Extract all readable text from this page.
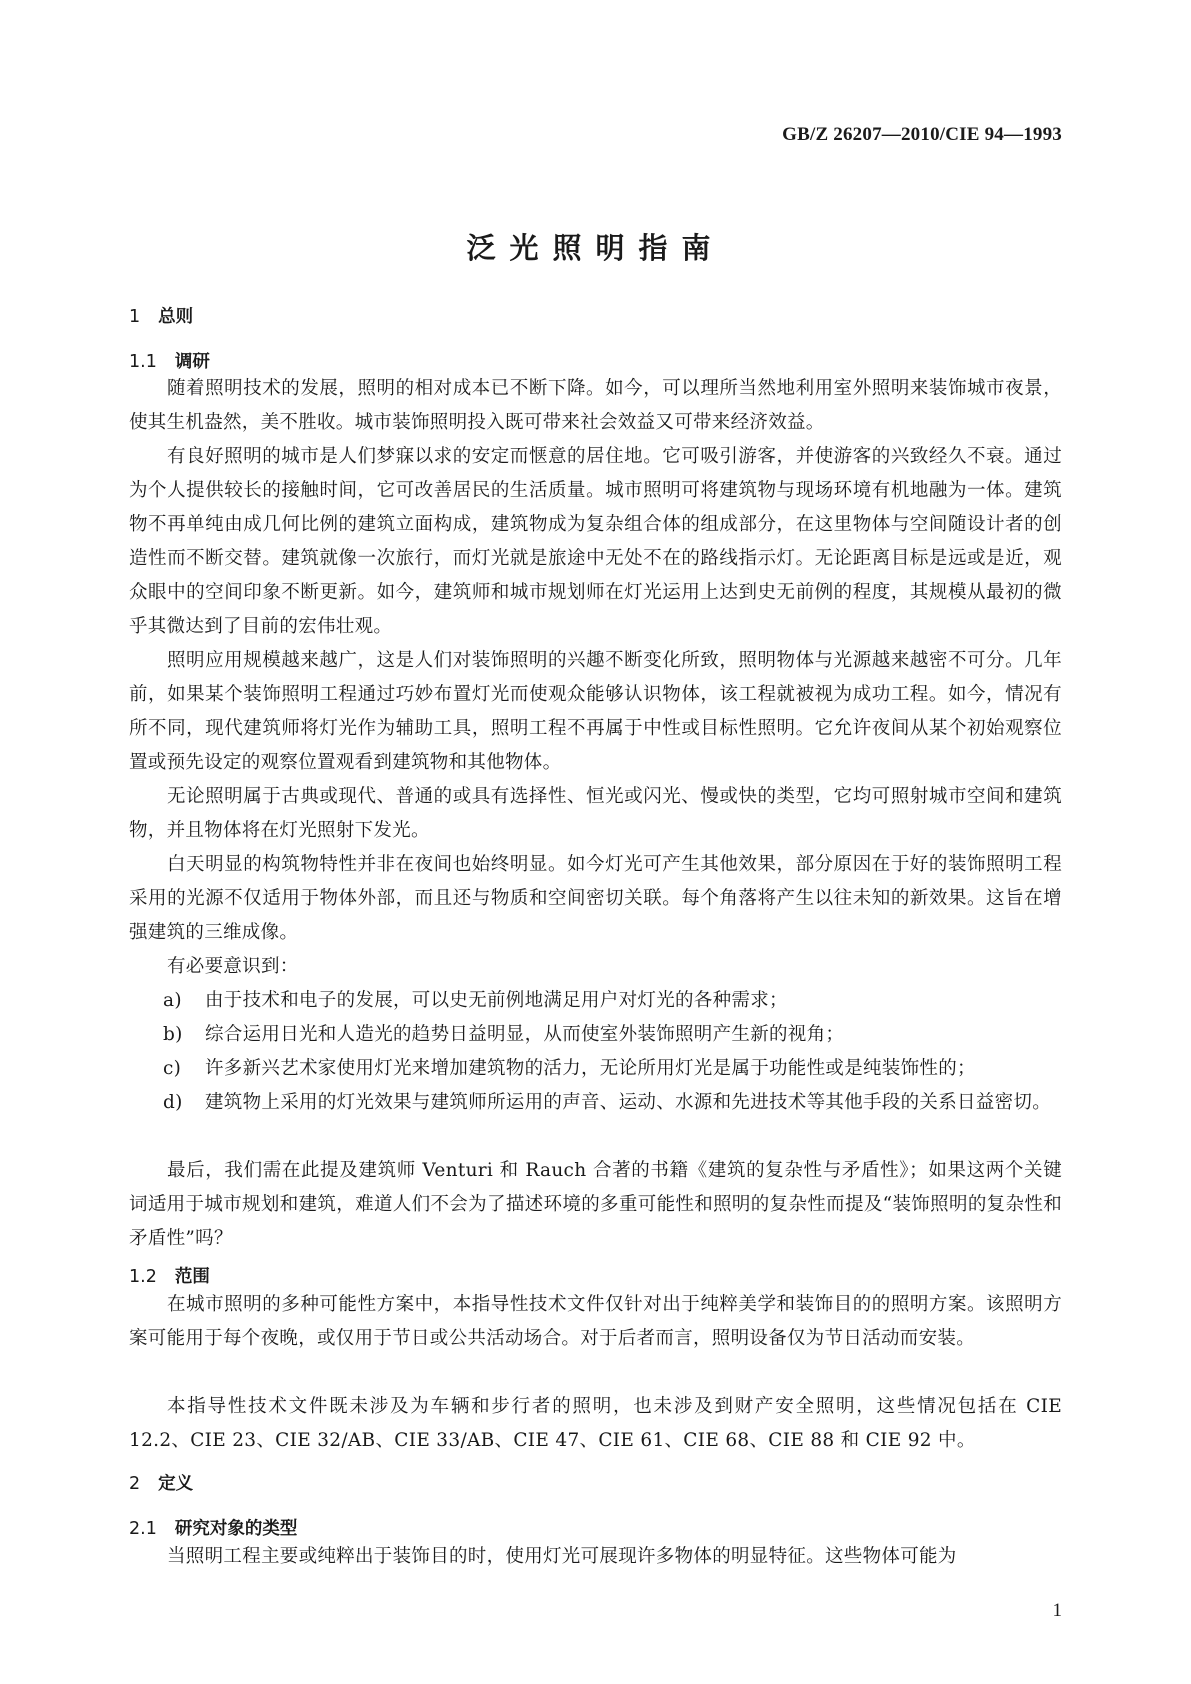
GB/Z 26207—2010/CIE 94—1993
泛光照明指南
1 总则
1.1 调研
随着照明技术的发展，照明的相对成本已不断下降。如今，可以理所当然地利用室外照明来装饰城市夜景，使其生机盎然，美不胜收。城市装饰照明投入既可带来社会效益又可带来经济效益。
有良好照明的城市是人们梦寐以求的安定而惬意的居住地。它可吸引游客，并使游客的兴致经久不衰。通过为个人提供较长的接触时间，它可改善居民的生活质量。城市照明可将建筑物与现场环境有机地融为一体。建筑物不再单纯由成几何比例的建筑立面构成，建筑物成为复杂组合体的组成部分，在这里物体与空间随设计者的创造性而不断交替。建筑就像一次旅行，而灯光就是旅途中无处不在的路线指示灯。无论距离目标是远或是近，观众眼中的空间印象不断更新。如今，建筑师和城市规划师在灯光运用上达到史无前例的程度，其规模从最初的微乎其微达到了目前的宏伟壮观。
照明应用规模越来越广，这是人们对装饰照明的兴趣不断变化所致，照明物体与光源越来越密不可分。几年前，如果某个装饰照明工程通过巧妙布置灯光而使观众能够认识物体，该工程就被视为成功工程。如今，情况有所不同，现代建筑师将灯光作为辅助工具，照明工程不再属于中性或目标性照明。它允许夜间从某个初始观察位置或预先设定的观察位置观看到建筑物和其他物体。
无论照明属于古典或现代、普通的或具有选择性、恒光或闪光、慢或快的类型，它均可照射城市空间和建筑物，并且物体将在灯光照射下发光。
白天明显的构筑物特性并非在夜间也始终明显。如今灯光可产生其他效果，部分原因在于好的装饰照明工程采用的光源不仅适用于物体外部，而且还与物质和空间密切关联。每个角落将产生以往未知的新效果。这旨在增强建筑的三维成像。
有必要意识到：
a) 由于技术和电子的发展，可以史无前例地满足用户对灯光的各种需求；
b) 综合运用日光和人造光的趋势日益明显，从而使室外装饰照明产生新的视角；
c) 许多新兴艺术家使用灯光来增加建筑物的活力，无论所用灯光是属于功能性或是纯装饰性的；
d) 建筑物上采用的灯光效果与建筑师所运用的声音、运动、水源和先进技术等其他手段的关系日益密切。
最后，我们需在此提及建筑师 Venturi 和 Rauch 合著的书籍《建筑的复杂性与矛盾性》；如果这两个关键词适用于城市规划和建筑，难道人们不会为了描述环境的多重可能性和照明的复杂性而提及“装饰照明的复杂性和矛盾性”吗？
1.2 范围
在城市照明的多种可能性方案中，本指导性技术文件仅针对出于纯粹美学和装饰目的的照明方案。该照明方案可能用于每个夜晚，或仅用于节日或公共活动场合。对于后者而言，照明设备仅为节日活动而安装。
本指导性技术文件既未涉及为车辆和步行者的照明，也未涉及到财产安全照明，这些情况包括在 CIE 12.2、CIE 23、CIE 32/AB、CIE 33/AB、CIE 47、CIE 61、CIE 68、CIE 88 和 CIE 92 中。
2 定义
2.1 研究对象的类型
当照明工程主要或纯粹出于装饰目的时，使用灯光可展现许多物体的明显特征。这些物体可能为
1
